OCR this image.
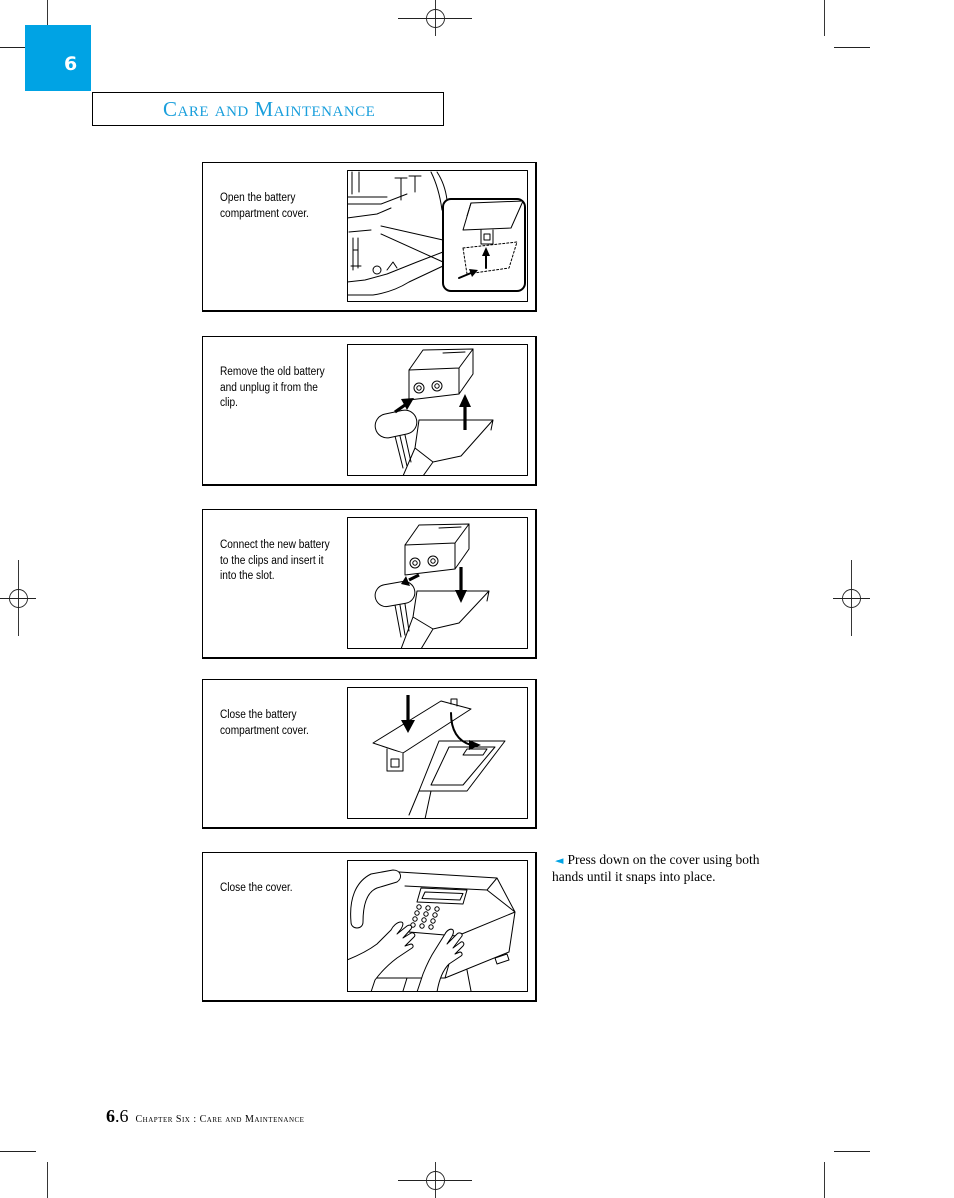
6
Care and Maintenance
Open the battery
compartment cover.
Remove the old battery
and unplug it from the
clip.
Connect the new battery
to the clips and insert it
into the slot.
Close the battery
compartment cover.
Close the cover.
◄ Press down on the cover using both
hands until it snaps into place.
6.6 Chapter Six : Care and Maintenance
